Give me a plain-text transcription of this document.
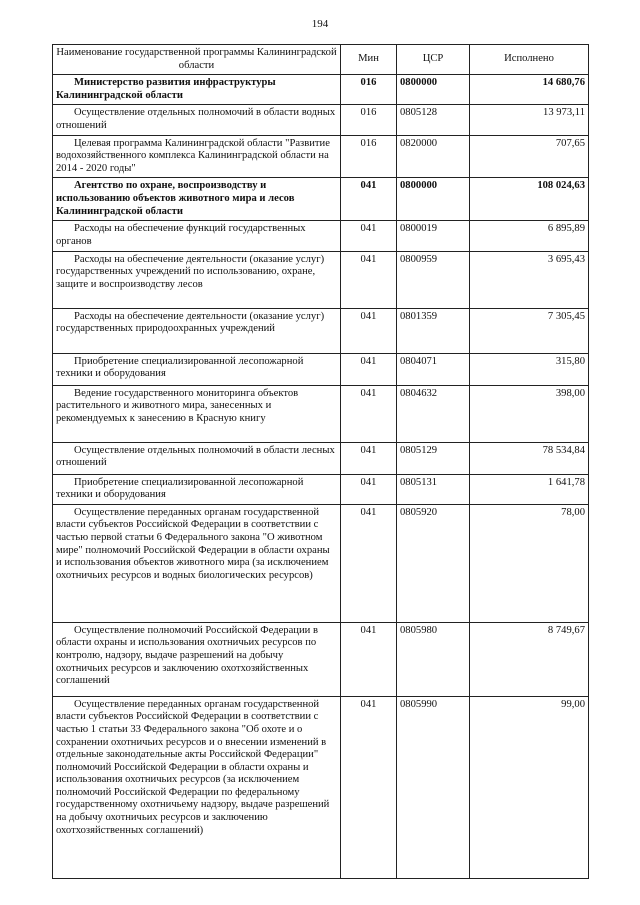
194
Наименование государственной программы Калининградской области	Мин	ЦСР	Исполнено
Министерство развития инфраструктуры Калининградской области	016	0800000	14 680,76
Осуществление отдельных полномочий в области водных отношений	016	0805128	13 973,11
Целевая программа Калининградской области "Развитие водохозяйственного комплекса Калининградской области на 2014 - 2020 годы"	016	0820000	707,65
Агентство по охране, воспроизводству и использованию объектов животного мира и лесов Калининградской области	041	0800000	108 024,63
Расходы на обеспечение функций государственных органов	041	0800019	6 895,89
Расходы на обеспечение деятельности (оказание услуг) государственных учреждений по использованию, охране, защите и воспроизводству лесов	041	0800959	3 695,43
Расходы на обеспечение деятельности (оказание услуг) государственных природоохранных учреждений	041	0801359	7 305,45
Приобретение специализированной лесопожарной техники и оборудования	041	0804071	315,80
Ведение государственного мониторинга объектов растительного и животного мира, занесенных и рекомендуемых к занесению в Красную книгу	041	0804632	398,00
Осуществление отдельных полномочий в области лесных отношений	041	0805129	78 534,84
Приобретение специализированной лесопожарной техники и оборудования	041	0805131	1 641,78
Осуществление переданных органам государственной власти субъектов Российской Федерации в соответствии с частью первой статьи 6 Федерального закона "О животном мире" полномочий Российской Федерации в области охраны и использования объектов животного мира (за исключением охотничьих ресурсов и водных биологических ресурсов)	041	0805920	78,00
Осуществление полномочий Российской Федерации в области охраны и использования охотничьих ресурсов по контролю, надзору, выдаче разрешений на добычу охотничьих ресурсов и заключению охотхозяйственных соглашений	041	0805980	8 749,67
Осуществление переданных органам государственной власти субъектов Российской Федерации в соответствии с частью 1 статьи 33 Федерального закона "Об охоте и о сохранении охотничьих ресурсов и о внесении изменений в отдельные законодательные акты Российской Федерации" полномочий Российской Федерации в области охраны и использования охотничьих ресурсов (за исключением полномочий Российской Федерации по федеральному государственному охотничьему надзору, выдаче разрешений на добычу охотничьих ресурсов и заключению охотхозяйственных соглашений)	041	0805990	99,00
